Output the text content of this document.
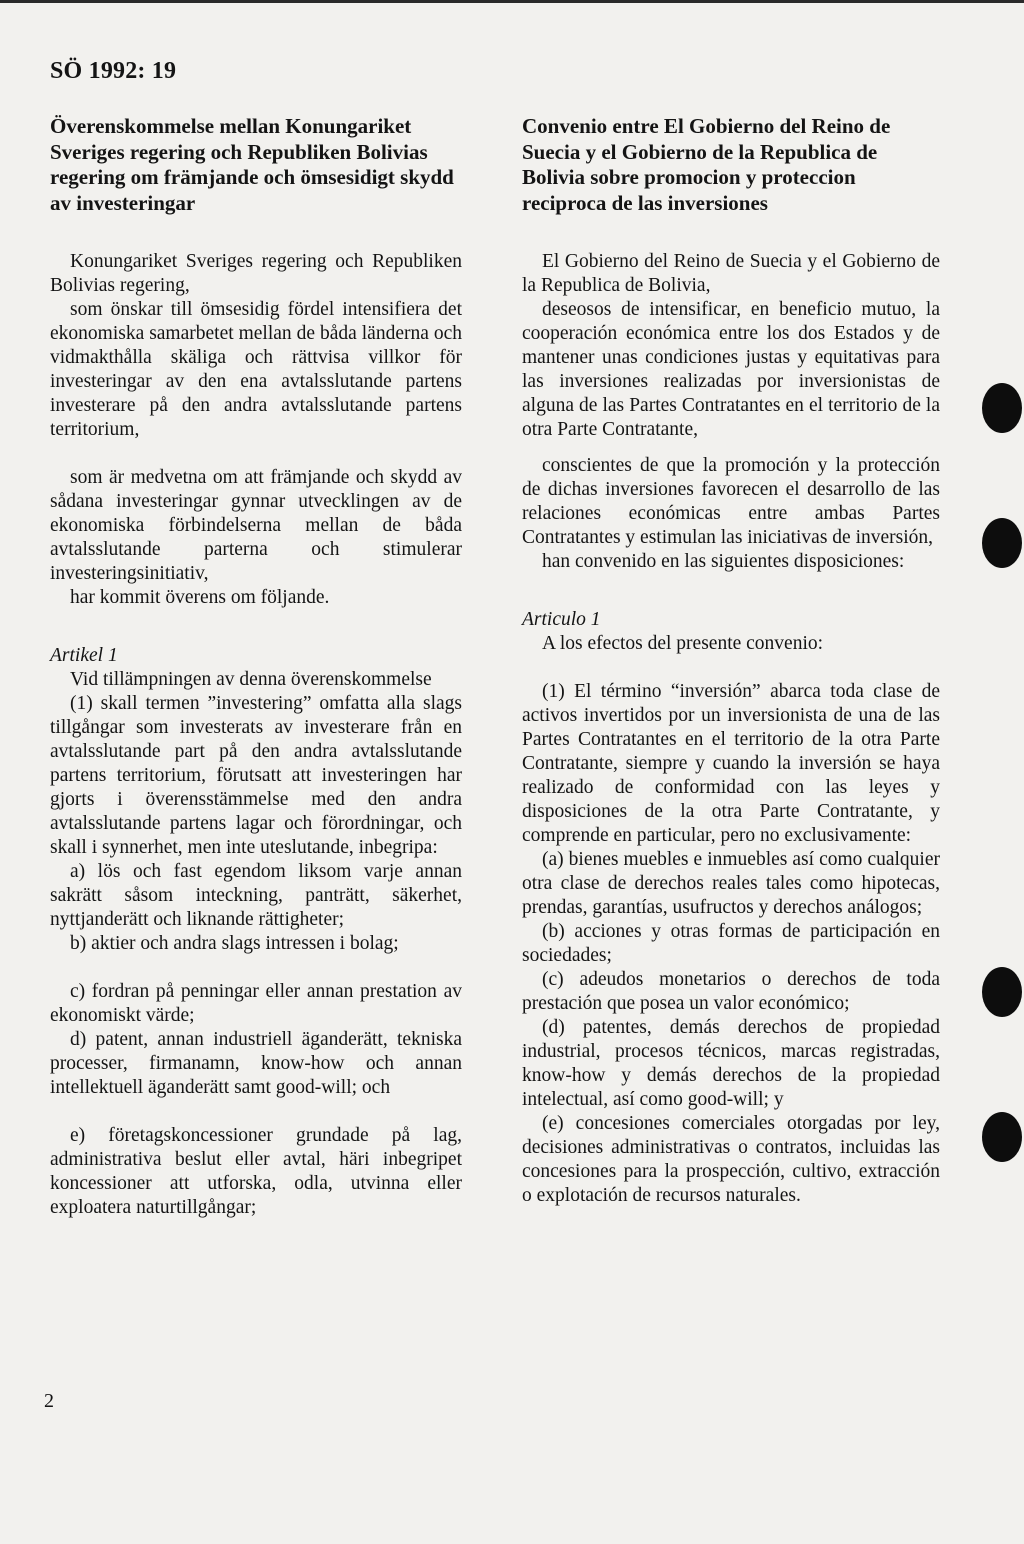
SÖ 1992: 19

Överenskommelse mellan Konungariket Sveriges regering och Republiken Bolivias regering om främjande och ömsesidigt skydd av investeringar

Konungariket Sveriges regering och Republiken Bolivias regering,

som önskar till ömsesidig fördel intensifiera det ekonomiska samarbetet mellan de båda länderna och vidmakthålla skäliga och rättvisa villkor för investeringar av den ena avtalsslutande partens investerare på den andra avtalsslutande partens territorium,

som är medvetna om att främjande och skydd av sådana investeringar gynnar utvecklingen av de ekonomiska förbindelserna mellan de båda avtalsslutande parterna och stimulerar investeringsinitiativ,

har kommit överens om följande.

Artikel 1

Vid tillämpningen av denna överenskommelse

(1) skall termen ”investering” omfatta alla slags tillgångar som investerats av investerare från en avtalsslutande part på den andra avtalsslutande partens territorium, förutsatt att investeringen har gjorts i överensstämmelse med den andra avtalsslutande partens lagar och förordningar, och skall i synnerhet, men inte uteslutande, inbegripa:

a) lös och fast egendom liksom varje annan sakrätt såsom inteckning, panträtt, säkerhet, nyttjanderätt och liknande rättigheter;

b) aktier och andra slags intressen i bolag;

c) fordran på penningar eller annan prestation av ekonomiskt värde;

d) patent, annan industriell äganderätt, tekniska processer, firmanamn, know-how och annan intellektuell äganderätt samt good-will; och

e) företagskoncessioner grundade på lag, administrativa beslut eller avtal, häri inbegripet koncessioner att utforska, odla, utvinna eller exploatera naturtillgångar;

Convenio entre El Gobierno del Reino de Suecia y el Gobierno de la Republica de Bolivia sobre promocion y proteccion reciproca de las inversiones

El Gobierno del Reino de Suecia y el Gobierno de la Republica de Bolivia,

deseosos de intensificar, en beneficio mutuo, la cooperación económica entre los dos Estados y de mantener unas condiciones justas y equitativas para las inversiones realizadas por inversionistas de alguna de las Partes Contratantes en el territorio de la otra Parte Contratante,

conscientes de que la promoción y la protección de dichas inversiones favorecen el desarrollo de las relaciones económicas entre ambas Partes Contratantes y estimulan las iniciativas de inversión,

han convenido en las siguientes disposiciones:

Articulo 1

A los efectos del presente convenio:

(1) El término “inversión” abarca toda clase de activos invertidos por un inversionista de una de las Partes Contratantes en el territorio de la otra Parte Contratante, siempre y cuando la inversión se haya realizado de conformidad con las leyes y disposiciones de la otra Parte Contratante, y comprende en particular, pero no exclusivamente:

(a) bienes muebles e inmuebles así como cualquier otra clase de derechos reales tales como hipotecas, prendas, garantías, usufructos y derechos análogos;

(b) acciones y otras formas de participación en sociedades;

(c) adeudos monetarios o derechos de toda prestación que posea un valor económico;

(d) patentes, demás derechos de propiedad industrial, procesos técnicos, marcas registradas, know-how y demás derechos de la propiedad intelectual, así como good-will; y

(e) concesiones comerciales otorgadas por ley, decisiones administrativas o contratos, incluidas las concesiones para la prospección, cultivo, extracción o explotación de recursos naturales.

2
